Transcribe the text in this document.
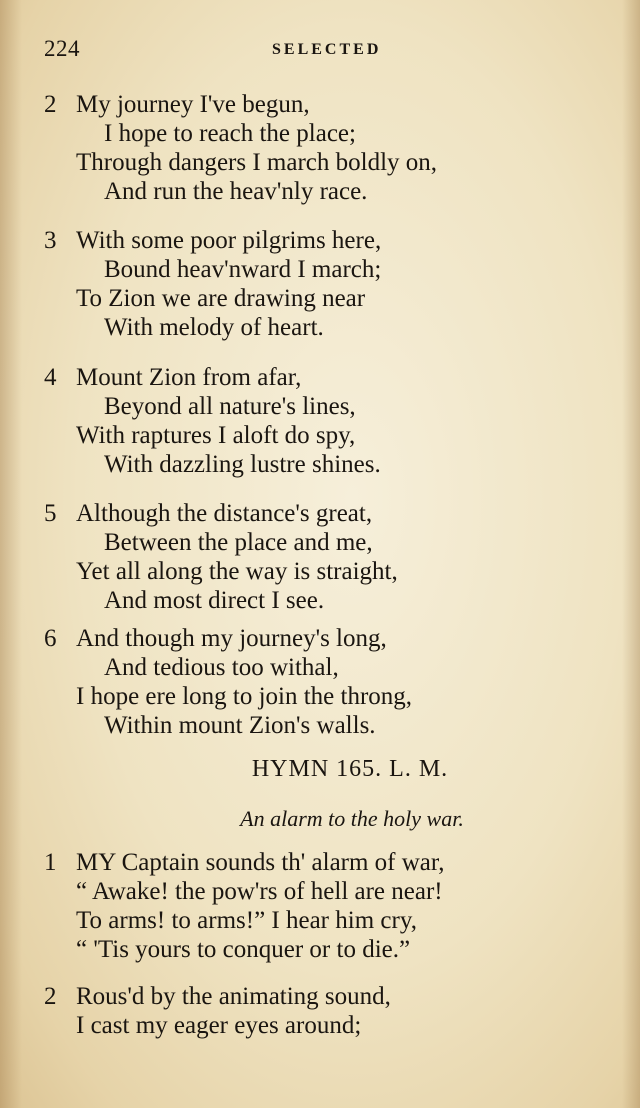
224	SELECTED
2 My journey I've begun,
I hope to reach the place;
Through dangers I march boldly on,
And run the heav'nly race.
3 With some poor pilgrims here,
Bound heav'nward I march;
To Zion we are drawing near
With melody of heart.
4 Mount Zion from afar,
Beyond all nature's lines,
With raptures I aloft do spy,
With dazzling lustre shines.
5 Although the distance's great,
Between the place and me,
Yet all along the way is straight,
And most direct I see.
6 And though my journey's long,
And tedious too withal,
I hope ere long to join the throng,
Within mount Zion's walls.
HYMN 165. L. M.
An alarm to the holy war.
1 MY Captain sounds th' alarm of war,
“ Awake! the pow'rs of hell are near!
To arms! to arms!” I hear him cry,
“ 'Tis yours to conquer or to die.”
2 Rous'd by the animating sound,
I cast my eager eyes around;
